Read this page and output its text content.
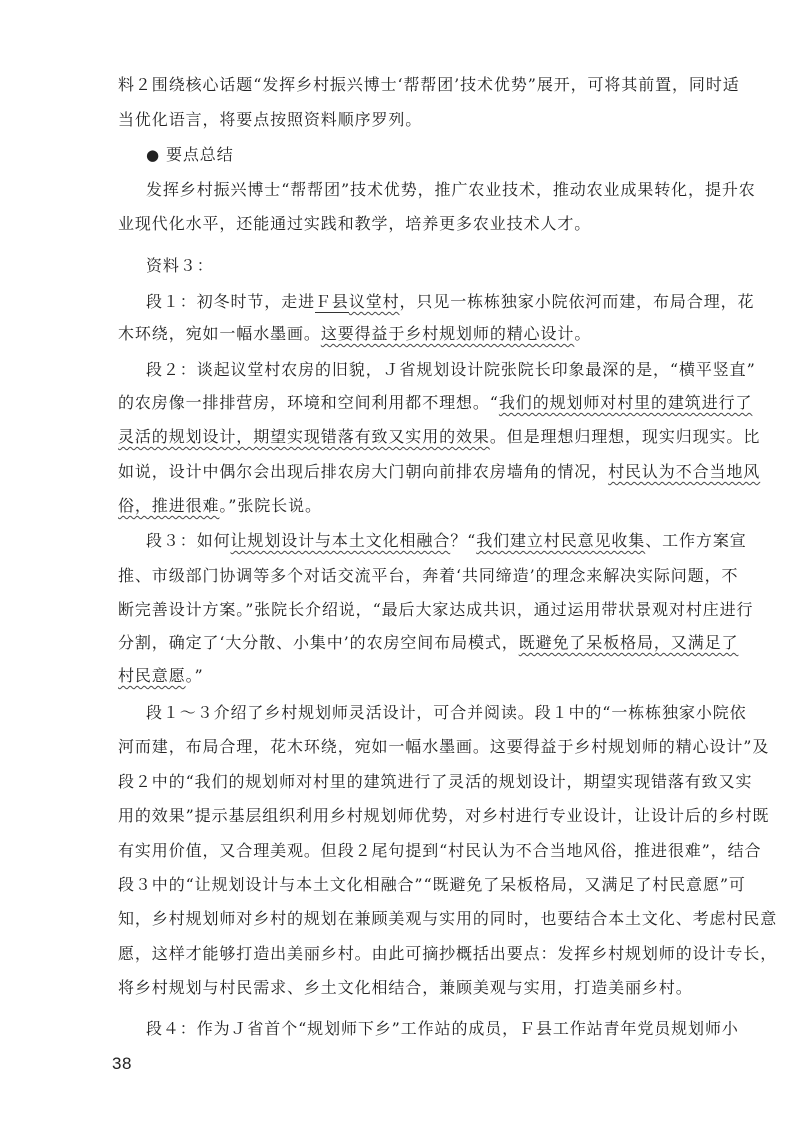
料２围绕核心话题“发挥乡村振兴博士‘帮帮团’技术优势”展开，可将其前置，同时适
当优化语言，将要点按照资料顺序罗列。
● 要点总结
发挥乡村振兴博士“帮帮团”技术优势，推广农业技术，推动农业成果转化，提升农
业现代化水平，还能通过实践和教学，培养更多农业技术人才。
资料３：
段１：初冬时节，走进Ｆ县议堂村，只见一栋栋独家小院依河而建，布局合理，花
木环绕，宛如一幅水墨画。这要得益于乡村规划师的精心设计。
段２：谈起议堂村农房的旧貌，Ｊ省规划设计院张院长印象最深的是，“横平竖直”
的农房像一排排营房，环境和空间利用都不理想。“我们的规划师对村里的建筑进行了
灵活的规划设计，期望实现错落有致又实用的效果。但是理想归理想，现实归现实。比
如说，设计中偶尔会出现后排农房大门朝向前排农房墙角的情况，村民认为不合当地风
俗，推进很难。”张院长说。
段３：如何让规划设计与本土文化相融合？“我们建立村民意见收集、工作方案宣
推、市级部门协调等多个对话交流平台，奔着‘共同缔造’的理念来解决实际问题，不
断完善设计方案。”张院长介绍说，“最后大家达成共识，通过运用带状景观对村庄进行
分割，确定了‘大分散、小集中’的农房空间布局模式，既避免了呆板格局，又满足了
村民意愿。”
段１～３介绍了乡村规划师灵活设计，可合并阅读。段１中的“一栋栋独家小院依
河而建，布局合理，花木环绕，宛如一幅水墨画。这要得益于乡村规划师的精心设计”及
段２中的“我们的规划师对村里的建筑进行了灵活的规划设计，期望实现错落有致又实
用的效果”提示基层组织利用乡村规划师优势，对乡村进行专业设计，让设计后的乡村既
有实用价值，又合理美观。但段２尾句提到“村民认为不合当地风俗，推进很难”，结合
段３中的“让规划设计与本土文化相融合”“既避免了呆板格局，又满足了村民意愿”可
知，乡村规划师对乡村的规划在兼顾美观与实用的同时，也要结合本土文化、考虑村民意
愿，这样才能够打造出美丽乡村。由此可摘抄概括出要点：发挥乡村规划师的设计专长，
将乡村规划与村民需求、乡土文化相结合，兼顾美观与实用，打造美丽乡村。
段４：作为Ｊ省首个“规划师下乡”工作站的成员，Ｆ县工作站青年党员规划师小
38
